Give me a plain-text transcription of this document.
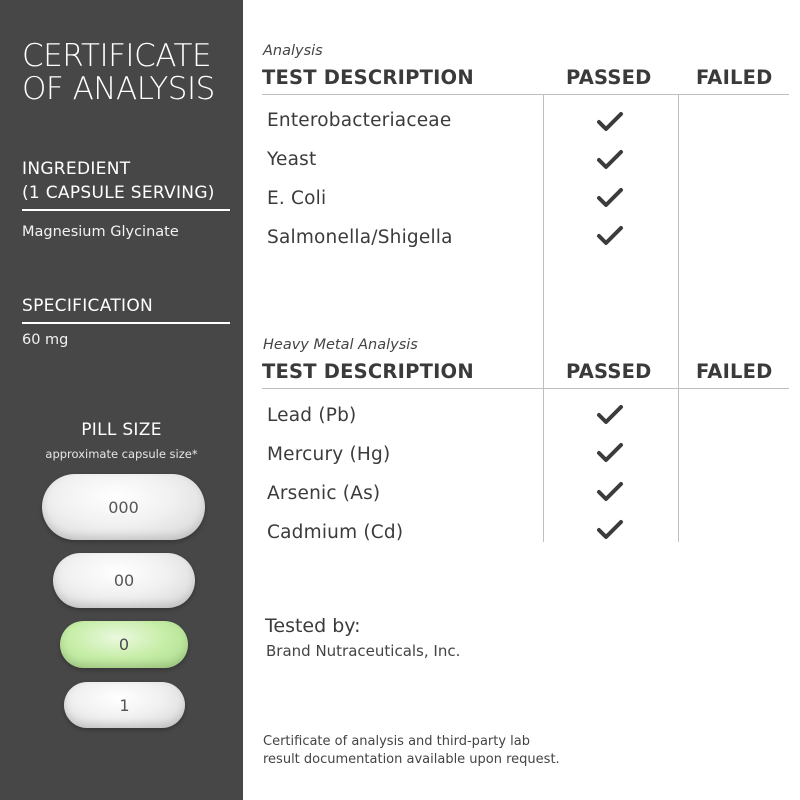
CERTIFICATE
OF ANALYSIS
INGREDIENT
(1 CAPSULE SERVING)
Magnesium Glycinate
SPECIFICATION
60 mg
PILL SIZE
approximate capsule size*
000
00
0
1
Analysis
TEST DESCRIPTION	PASSED FAILED
Enterobacteriaceae
Yeast
E. Coli
Salmonella/Shigella
Heavy Metal Analysis
TEST DESCRIPTION	PASSED FAILED
Lead (Pb)
Mercury (Hg)
Arsenic (As)
Cadmium (Cd)
Tested by:
Brand Nutraceuticals, Inc.
Certificate of analysis and third-party lab
result documentation available upon request.
